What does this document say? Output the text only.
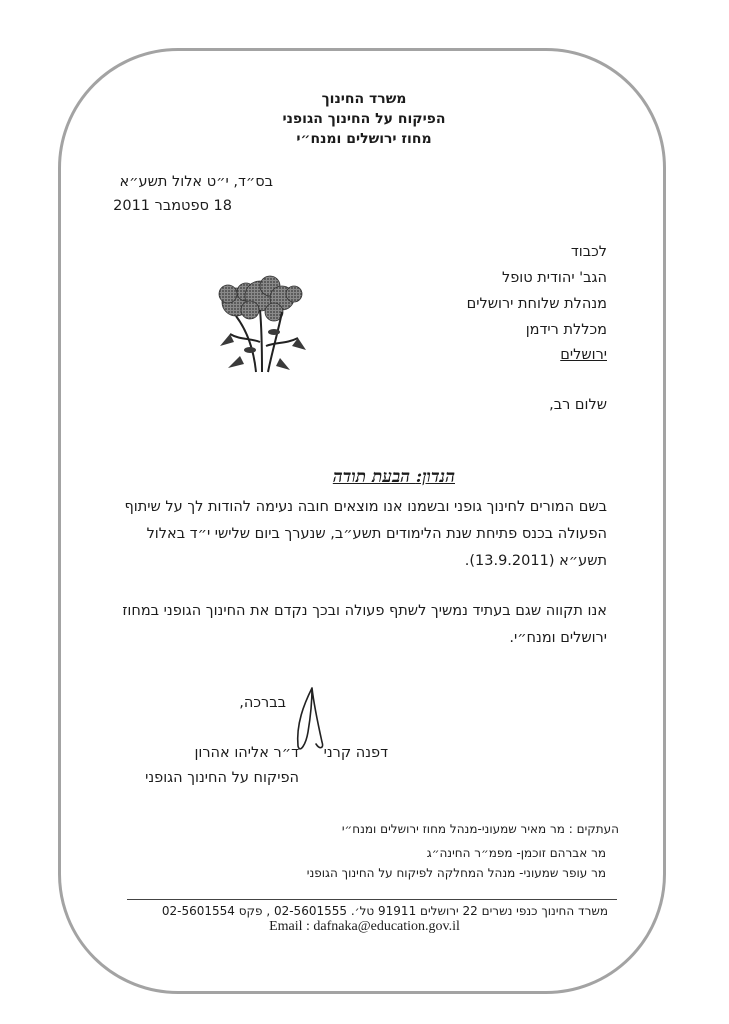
משרד החינוך
הפיקוח על החינוך הגופני
מחוז ירושלים ומנח״י
בס״ד, י״ט אלול תשע״א
18 ספטמבר 2011
לכבוד
הגב' יהודית טופל
מנהלת שלוחת ירושלים
מכללת רידמן
ירושלים
שלום רב,
הנדון: הבעת תודה
בשם המורים לחינוך גופני ובשמנו אנו מוצאים חובה נעימה להודות לך על שיתוף
הפעולה בכנס פתיחת שנת הלימודים תשע״ב, שנערך ביום שלישי י״ד באלול
תשע״א (13.9.2011).
אנו תקווה שגם בעתיד נמשיך לשתף פעולה ובכך נקדם את החינוך הגופני במחוז
ירושלים ומנח״י.
בברכה,
דפנה קרני
ד״ר אליהו אהרון
הפיקוח על החינוך הגופני
העתקים : מר מאיר שמעוני-מנהל מחוז ירושלים ומנח״י
מר אברהם זוכמן- מפמ״ר החינה״ג
מר עופר שמעוני- מנהל המחלקה לפיקוח על החינוך הגופני
משרד החינוך כנפי נשרים 22 ירושלים 91911 טל׳. 02-5601555 , פקס 02-5601554
Email : dafnaka@education.gov.il
